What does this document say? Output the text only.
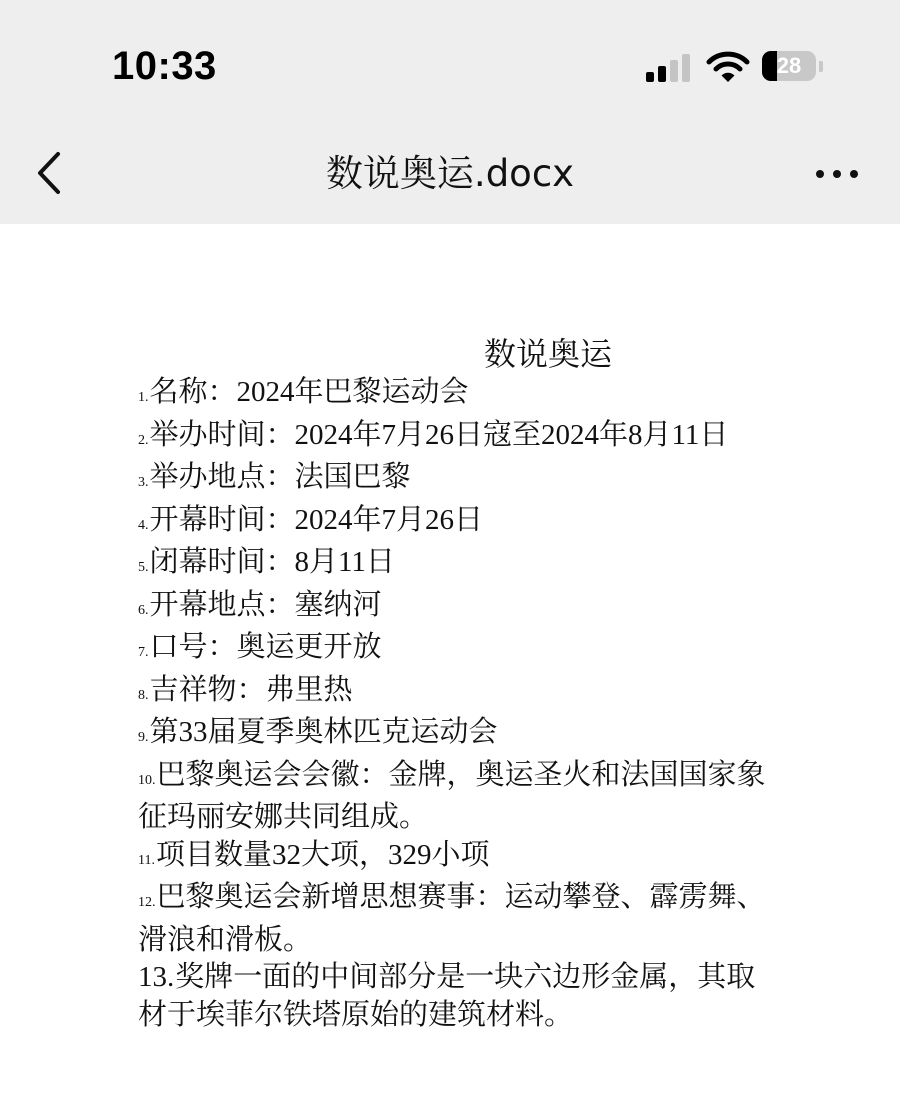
10:33	28
数说奥运.docx
数说奥运

1.名称：2024年巴黎运动会

2.举办时间：2024年7月26日寇至2024年8月11日

3.举办地点：法国巴黎

4.开幕时间：2024年7月26日

5.闭幕时间：8月11日

6.开幕地点：塞纳河

7.口号：奥运更开放

8.吉祥物：弗里热

9.第33届夏季奥林匹克运动会

10.巴黎奥运会会徽：金牌，奥运圣火和法国国家象征玛丽安娜共同组成。

11.项目数量32大项，329小项

12.巴黎奥运会新增思想赛事：运动攀登、霹雳舞、滑浪和滑板。

13.奖牌一面的中间部分是一块六边形金属，其取材于埃菲尔铁塔原始的建筑材料。
